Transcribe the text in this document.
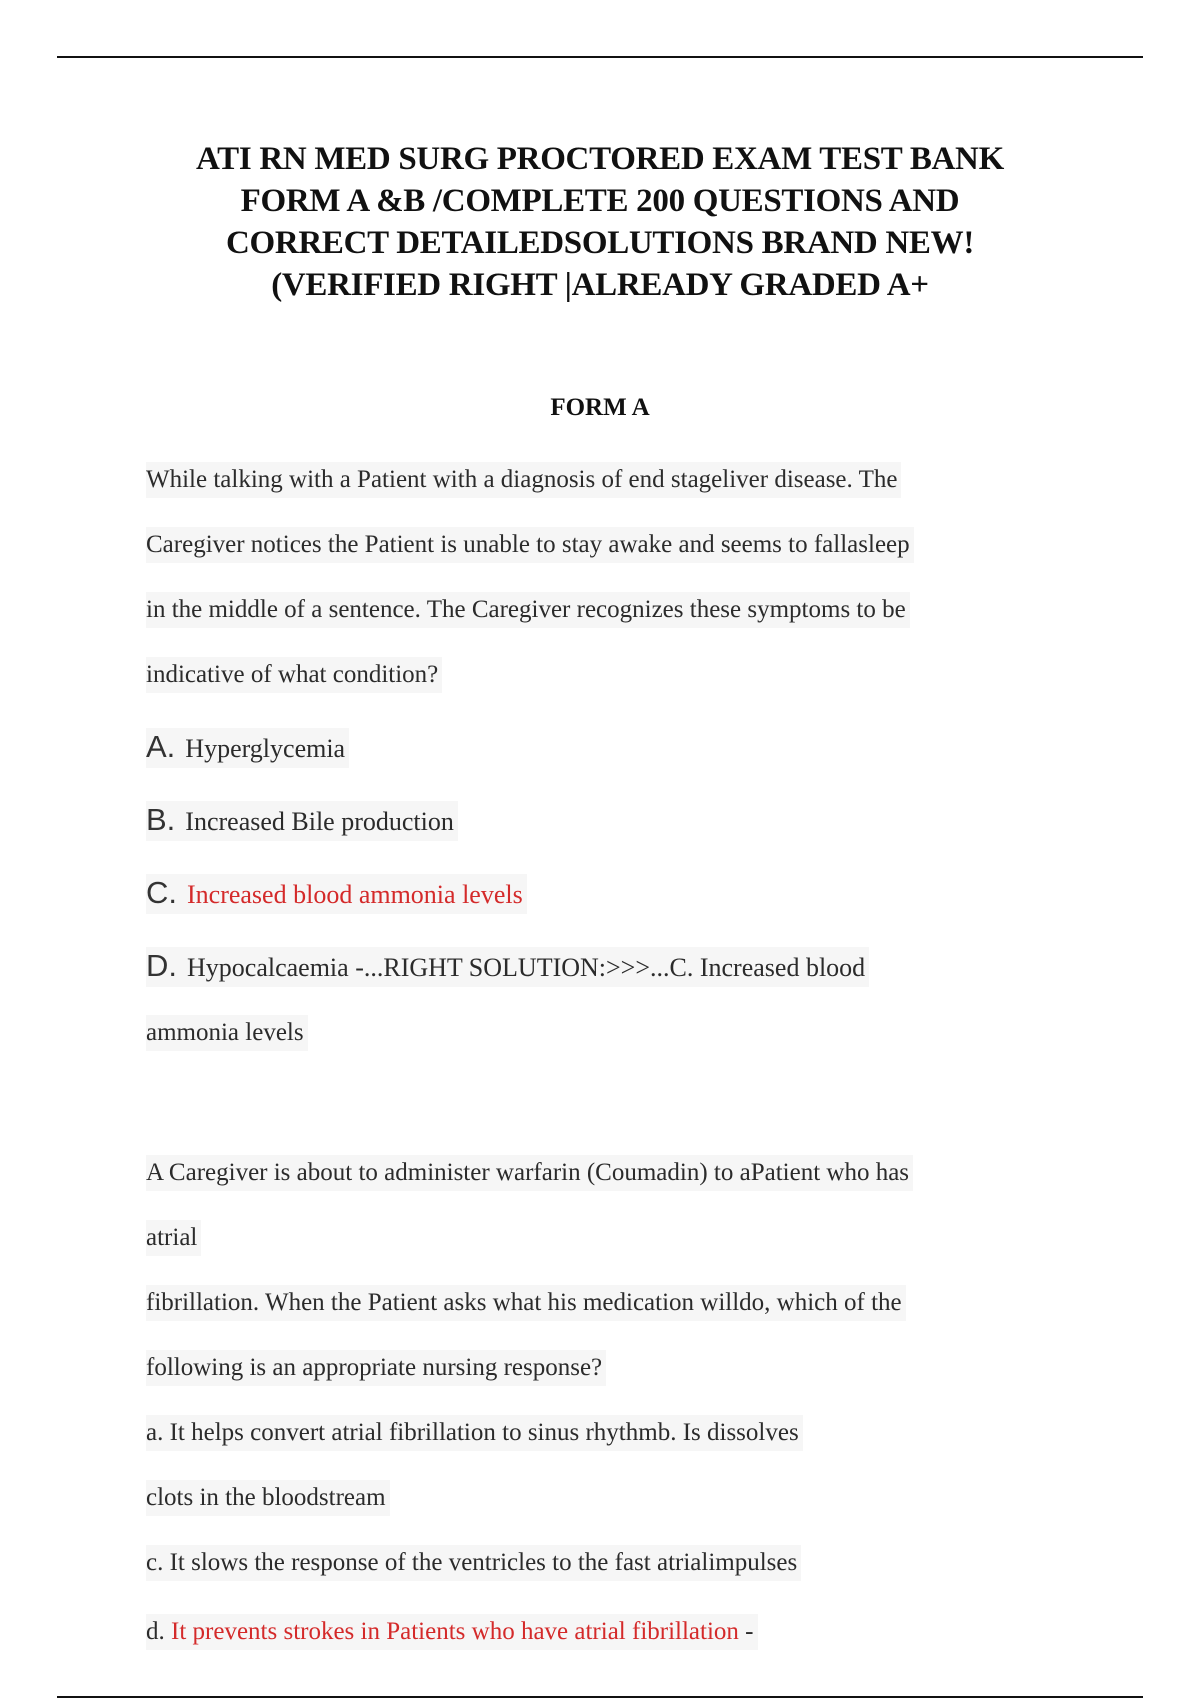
ATI RN MED SURG PROCTORED EXAM TEST BANK
FORM A &B /COMPLETE 200 QUESTIONS AND
CORRECT DETAILEDSOLUTIONS BRAND NEW!
(VERIFIED RIGHT |ALREADY GRADED A+
FORM A
While talking with a Patient with a diagnosis of end stageliver disease. The
Caregiver notices the Patient is unable to stay awake and seems to fallasleep
in the middle of a sentence. The Caregiver recognizes these symptoms to be
indicative of what condition?
A. Hyperglycemia
B. Increased Bile production
C. Increased blood ammonia levels
D. Hypocalcaemia -...RIGHT SOLUTION:>>>...C. Increased blood
ammonia levels
A Caregiver is about to administer warfarin (Coumadin) to aPatient who has
atrial
fibrillation. When the Patient asks what his medication willdo, which of the
following is an appropriate nursing response?
a. It helps convert atrial fibrillation to sinus rhythmb. Is dissolves
clots in the bloodstream
c. It slows the response of the ventricles to the fast atrialimpulses
d. It prevents strokes in Patients who have atrial fibrillation -
